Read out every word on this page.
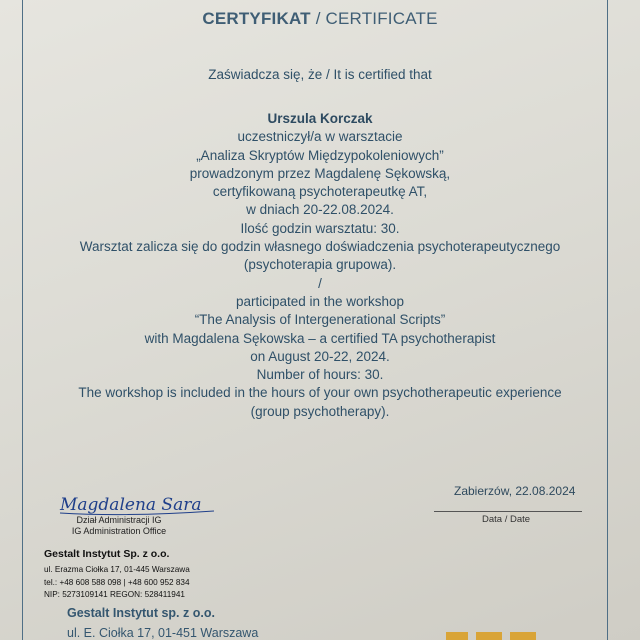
CERTYFIKAT / CERTIFICATE
Zaświadcza się, że / It is certified that
Urszula Korczak
uczestniczył/a w warsztacie
„Analiza Skryptów Międzypokoleniowych”
prowadzonym przez Magdalenę Sękowską,
certyfikowaną psychoterapeutkę AT,
w dniach 20-22.08.2024.
Ilość godzin warsztatu: 30.
Warsztat zalicza się do godzin własnego doświadczenia psychoterapeutycznego
(psychoterapia grupowa).
/
participated in the workshop
“The Analysis of Intergenerational Scripts”
with Magdalena Sękowska – a certified TA psychotherapist
on August 20-22, 2024.
Number of hours: 30.
The workshop is included in the hours of your own psychotherapeutic experience
(group psychotherapy).
Zabierzów, 22.08.2024
Data / Date
Magdalena Sara
Dział Administracji IG
IG Administration Office
Gestalt Instytut Sp. z o.o.
ul. Erazma Ciołka 17, 01-445 Warszawa
tel.: +48 608 588 098 | +48 600 952 834
NIP: 5273109141 REGON: 528411941
Gestalt Instytut sp. z o.o.
ul. E. Ciołka 17, 01-451 Warszawa
